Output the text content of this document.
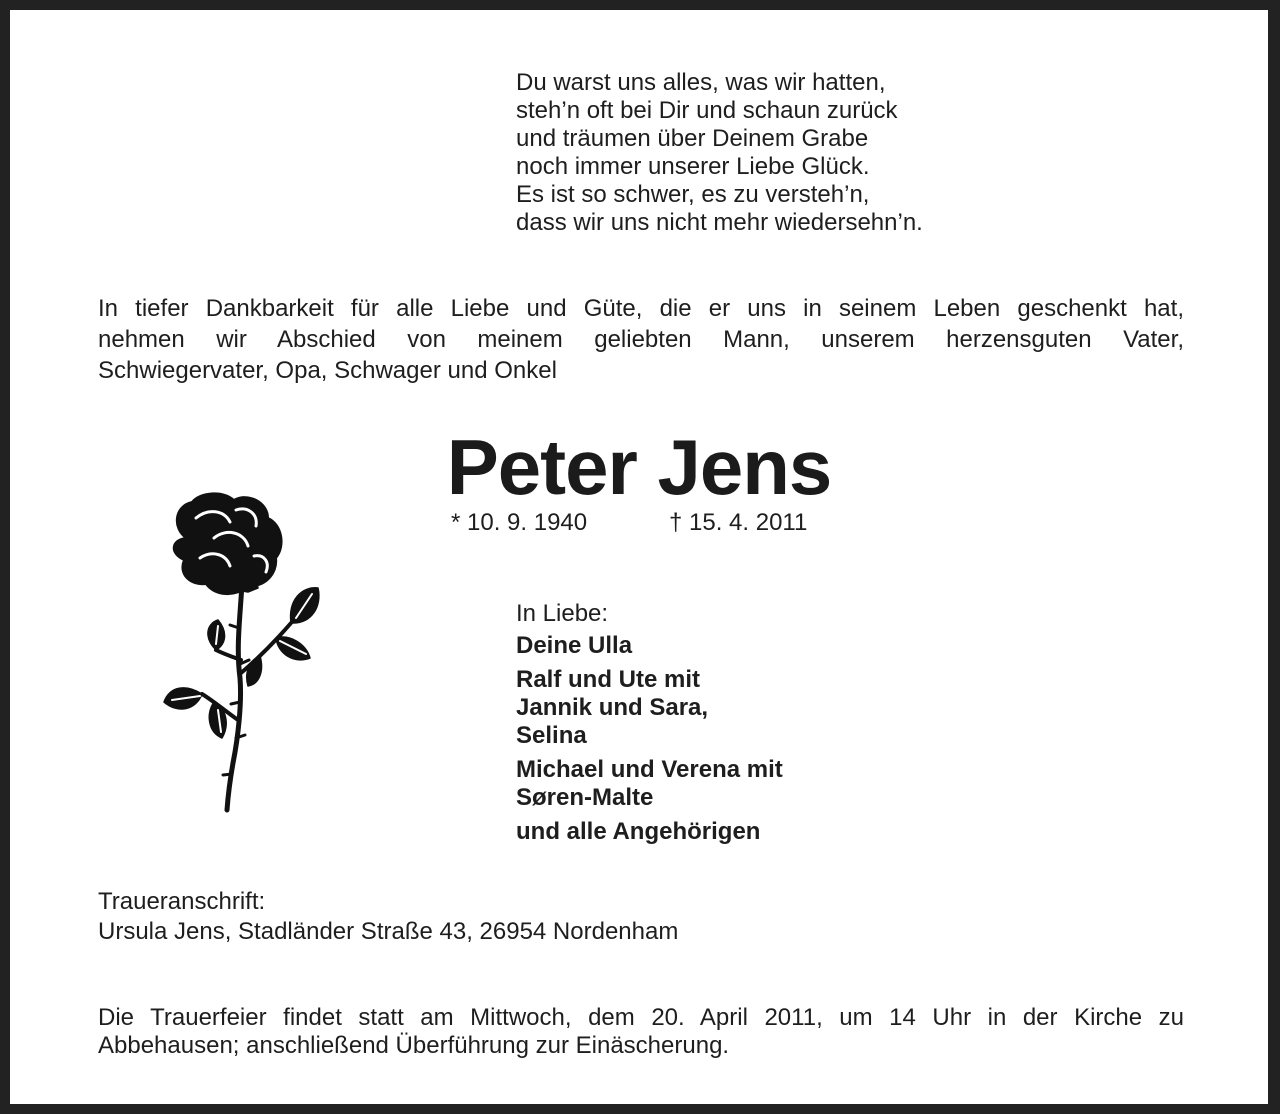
Du warst uns alles, was wir hatten,
steh’n oft bei Dir und schaun zurück
und träumen über Deinem Grabe
noch immer unserer Liebe Glück.
Es ist so schwer, es zu versteh’n,
dass wir uns nicht mehr wiedersehn’n.
In tiefer Dankbarkeit für alle Liebe und Güte, die er uns in seinem Leben geschenkt hat,
nehmen wir Abschied von meinem geliebten Mann, unserem herzensguten Vater,
Schwiegervater, Opa, Schwager und Onkel
Peter Jens
* 10. 9. 1940	† 15. 4. 2011
In Liebe:
Deine Ulla
Ralf und Ute mit
Jannik und Sara,
Selina
Michael und Verena mit
Søren-Malte
und alle Angehörigen
Traueranschrift:
Ursula Jens, Stadländer Straße 43, 26954 Nordenham
Die Trauerfeier findet statt am Mittwoch, dem 20. April 2011, um 14 Uhr in der Kirche zu
Abbehausen; anschließend Überführung zur Einäscherung.
